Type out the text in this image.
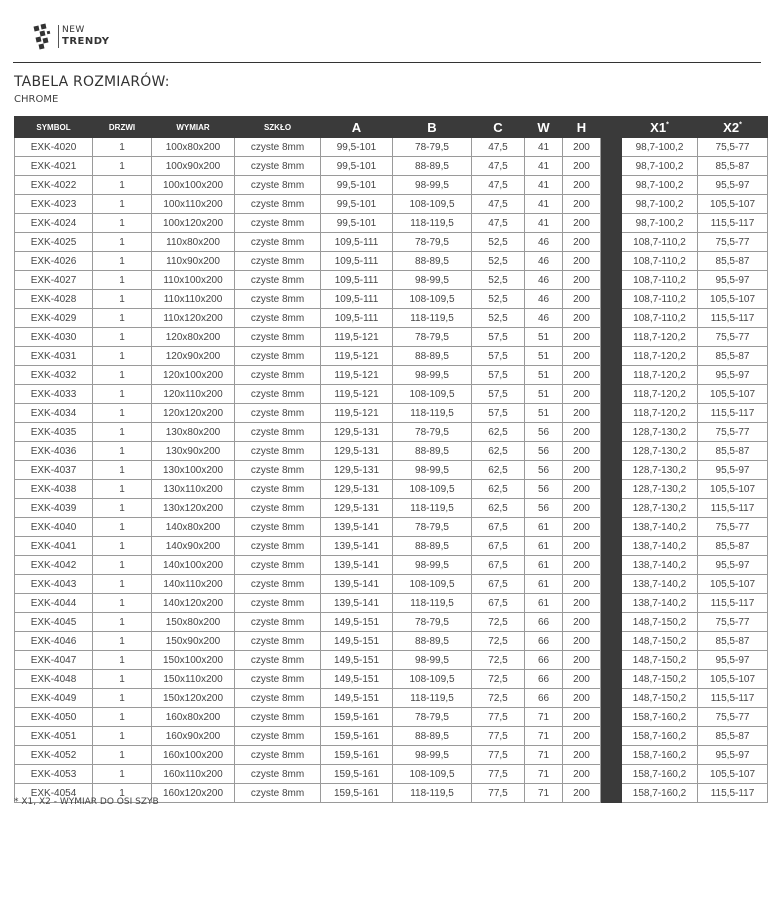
NEW
TRENDY
TABELA ROZMIARÓW:
CHROME
SYMBOL	DRZWI	WYMIAR	SZKŁO	A	B	C	W	H		X1*	X2*
EXK-4020	1	100x80x200	czyste 8mm	99,5-101	78-79,5	47,5	41	200		98,7-100,2	75,5-77
EXK-4021	1	100x90x200	czyste 8mm	99,5-101	88-89,5	47,5	41	200		98,7-100,2	85,5-87
EXK-4022	1	100x100x200	czyste 8mm	99,5-101	98-99,5	47,5	41	200		98,7-100,2	95,5-97
EXK-4023	1	100x110x200	czyste 8mm	99,5-101	108-109,5	47,5	41	200		98,7-100,2	105,5-107
EXK-4024	1	100x120x200	czyste 8mm	99,5-101	118-119,5	47,5	41	200		98,7-100,2	115,5-117
EXK-4025	1	110x80x200	czyste 8mm	109,5-111	78-79,5	52,5	46	200		108,7-110,2	75,5-77
EXK-4026	1	110x90x200	czyste 8mm	109,5-111	88-89,5	52,5	46	200		108,7-110,2	85,5-87
EXK-4027	1	110x100x200	czyste 8mm	109,5-111	98-99,5	52,5	46	200		108,7-110,2	95,5-97
EXK-4028	1	110x110x200	czyste 8mm	109,5-111	108-109,5	52,5	46	200		108,7-110,2	105,5-107
EXK-4029	1	110x120x200	czyste 8mm	109,5-111	118-119,5	52,5	46	200		108,7-110,2	115,5-117
EXK-4030	1	120x80x200	czyste 8mm	119,5-121	78-79,5	57,5	51	200		118,7-120,2	75,5-77
EXK-4031	1	120x90x200	czyste 8mm	119,5-121	88-89,5	57,5	51	200		118,7-120,2	85,5-87
EXK-4032	1	120x100x200	czyste 8mm	119,5-121	98-99,5	57,5	51	200		118,7-120,2	95,5-97
EXK-4033	1	120x110x200	czyste 8mm	119,5-121	108-109,5	57,5	51	200		118,7-120,2	105,5-107
EXK-4034	1	120x120x200	czyste 8mm	119,5-121	118-119,5	57,5	51	200		118,7-120,2	115,5-117
EXK-4035	1	130x80x200	czyste 8mm	129,5-131	78-79,5	62,5	56	200		128,7-130,2	75,5-77
EXK-4036	1	130x90x200	czyste 8mm	129,5-131	88-89,5	62,5	56	200		128,7-130,2	85,5-87
EXK-4037	1	130x100x200	czyste 8mm	129,5-131	98-99,5	62,5	56	200		128,7-130,2	95,5-97
EXK-4038	1	130x110x200	czyste 8mm	129,5-131	108-109,5	62,5	56	200		128,7-130,2	105,5-107
EXK-4039	1	130x120x200	czyste 8mm	129,5-131	118-119,5	62,5	56	200		128,7-130,2	115,5-117
EXK-4040	1	140x80x200	czyste 8mm	139,5-141	78-79,5	67,5	61	200		138,7-140,2	75,5-77
EXK-4041	1	140x90x200	czyste 8mm	139,5-141	88-89,5	67,5	61	200		138,7-140,2	85,5-87
EXK-4042	1	140x100x200	czyste 8mm	139,5-141	98-99,5	67,5	61	200		138,7-140,2	95,5-97
EXK-4043	1	140x110x200	czyste 8mm	139,5-141	108-109,5	67,5	61	200		138,7-140,2	105,5-107
EXK-4044	1	140x120x200	czyste 8mm	139,5-141	118-119,5	67,5	61	200		138,7-140,2	115,5-117
EXK-4045	1	150x80x200	czyste 8mm	149,5-151	78-79,5	72,5	66	200		148,7-150,2	75,5-77
EXK-4046	1	150x90x200	czyste 8mm	149,5-151	88-89,5	72,5	66	200		148,7-150,2	85,5-87
EXK-4047	1	150x100x200	czyste 8mm	149,5-151	98-99,5	72,5	66	200		148,7-150,2	95,5-97
EXK-4048	1	150x110x200	czyste 8mm	149,5-151	108-109,5	72,5	66	200		148,7-150,2	105,5-107
EXK-4049	1	150x120x200	czyste 8mm	149,5-151	118-119,5	72,5	66	200		148,7-150,2	115,5-117
EXK-4050	1	160x80x200	czyste 8mm	159,5-161	78-79,5	77,5	71	200		158,7-160,2	75,5-77
EXK-4051	1	160x90x200	czyste 8mm	159,5-161	88-89,5	77,5	71	200		158,7-160,2	85,5-87
EXK-4052	1	160x100x200	czyste 8mm	159,5-161	98-99,5	77,5	71	200		158,7-160,2	95,5-97
EXK-4053	1	160x110x200	czyste 8mm	159,5-161	108-109,5	77,5	71	200		158,7-160,2	105,5-107
EXK-4054	1	160x120x200	czyste 8mm	159,5-161	118-119,5	77,5	71	200		158,7-160,2	115,5-117
* X1, X2 - WYMIAR DO OSI SZYB
